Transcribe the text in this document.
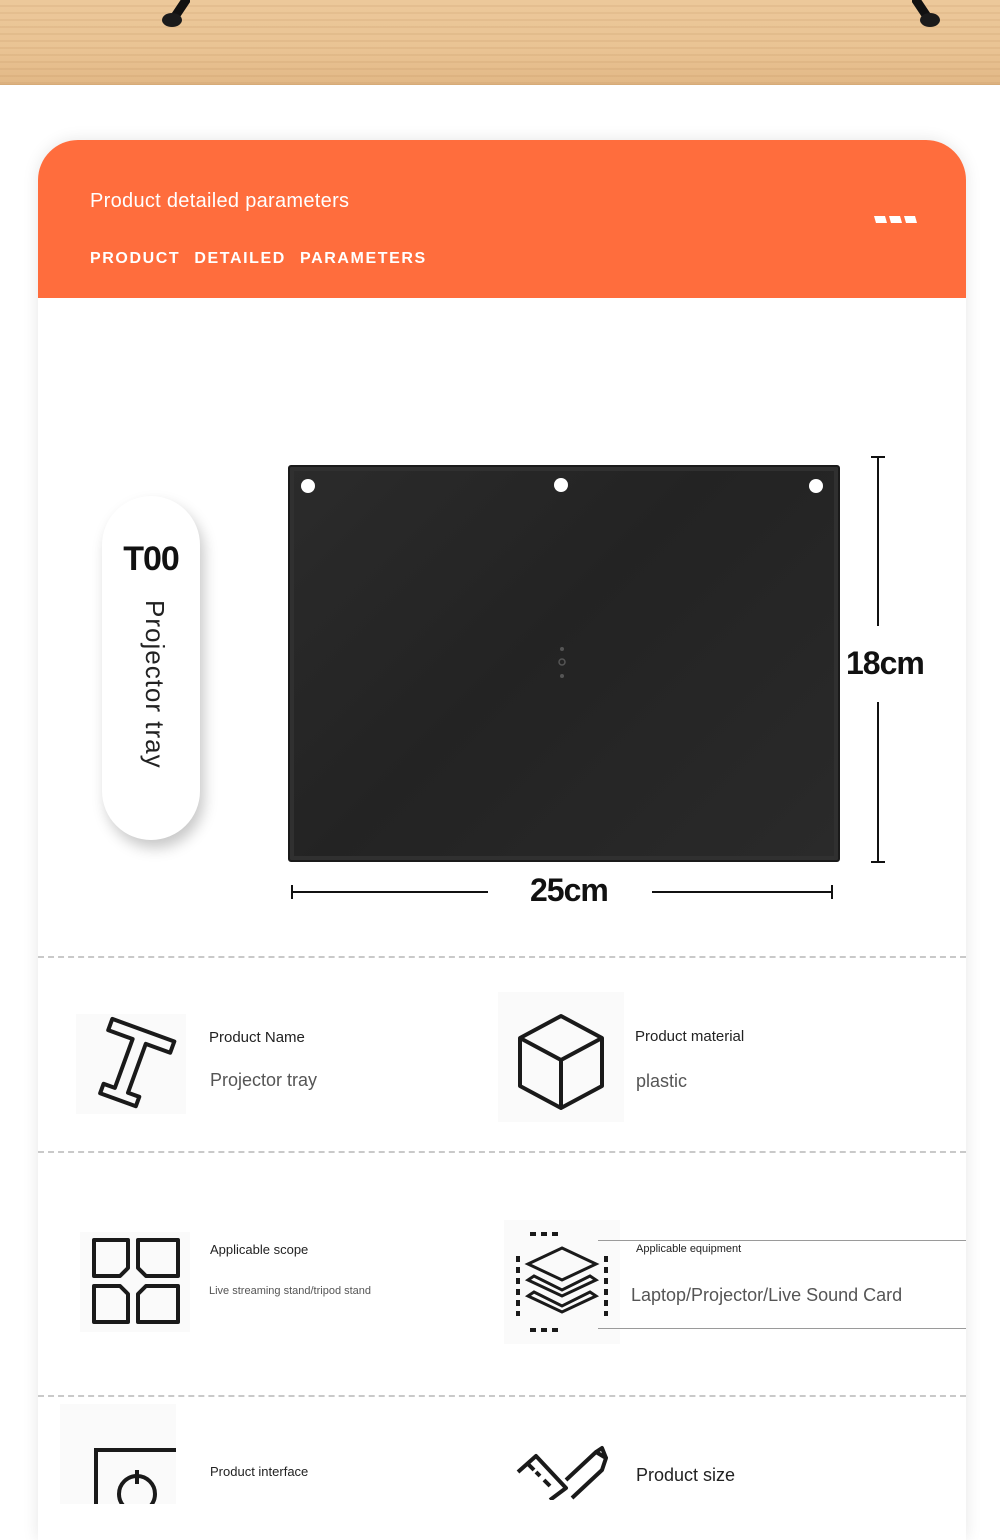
Product detailed parameters
PRODUCT DETAILED PARAMETERS
T00
Projector tray	18cm
25cm
Product Name
Projector tray
Product material
plastic
Applicable scope
Live streaming stand/tripod stand
Applicable equipment
Laptop/Projector/Live Sound Card
Product interface	Product size
